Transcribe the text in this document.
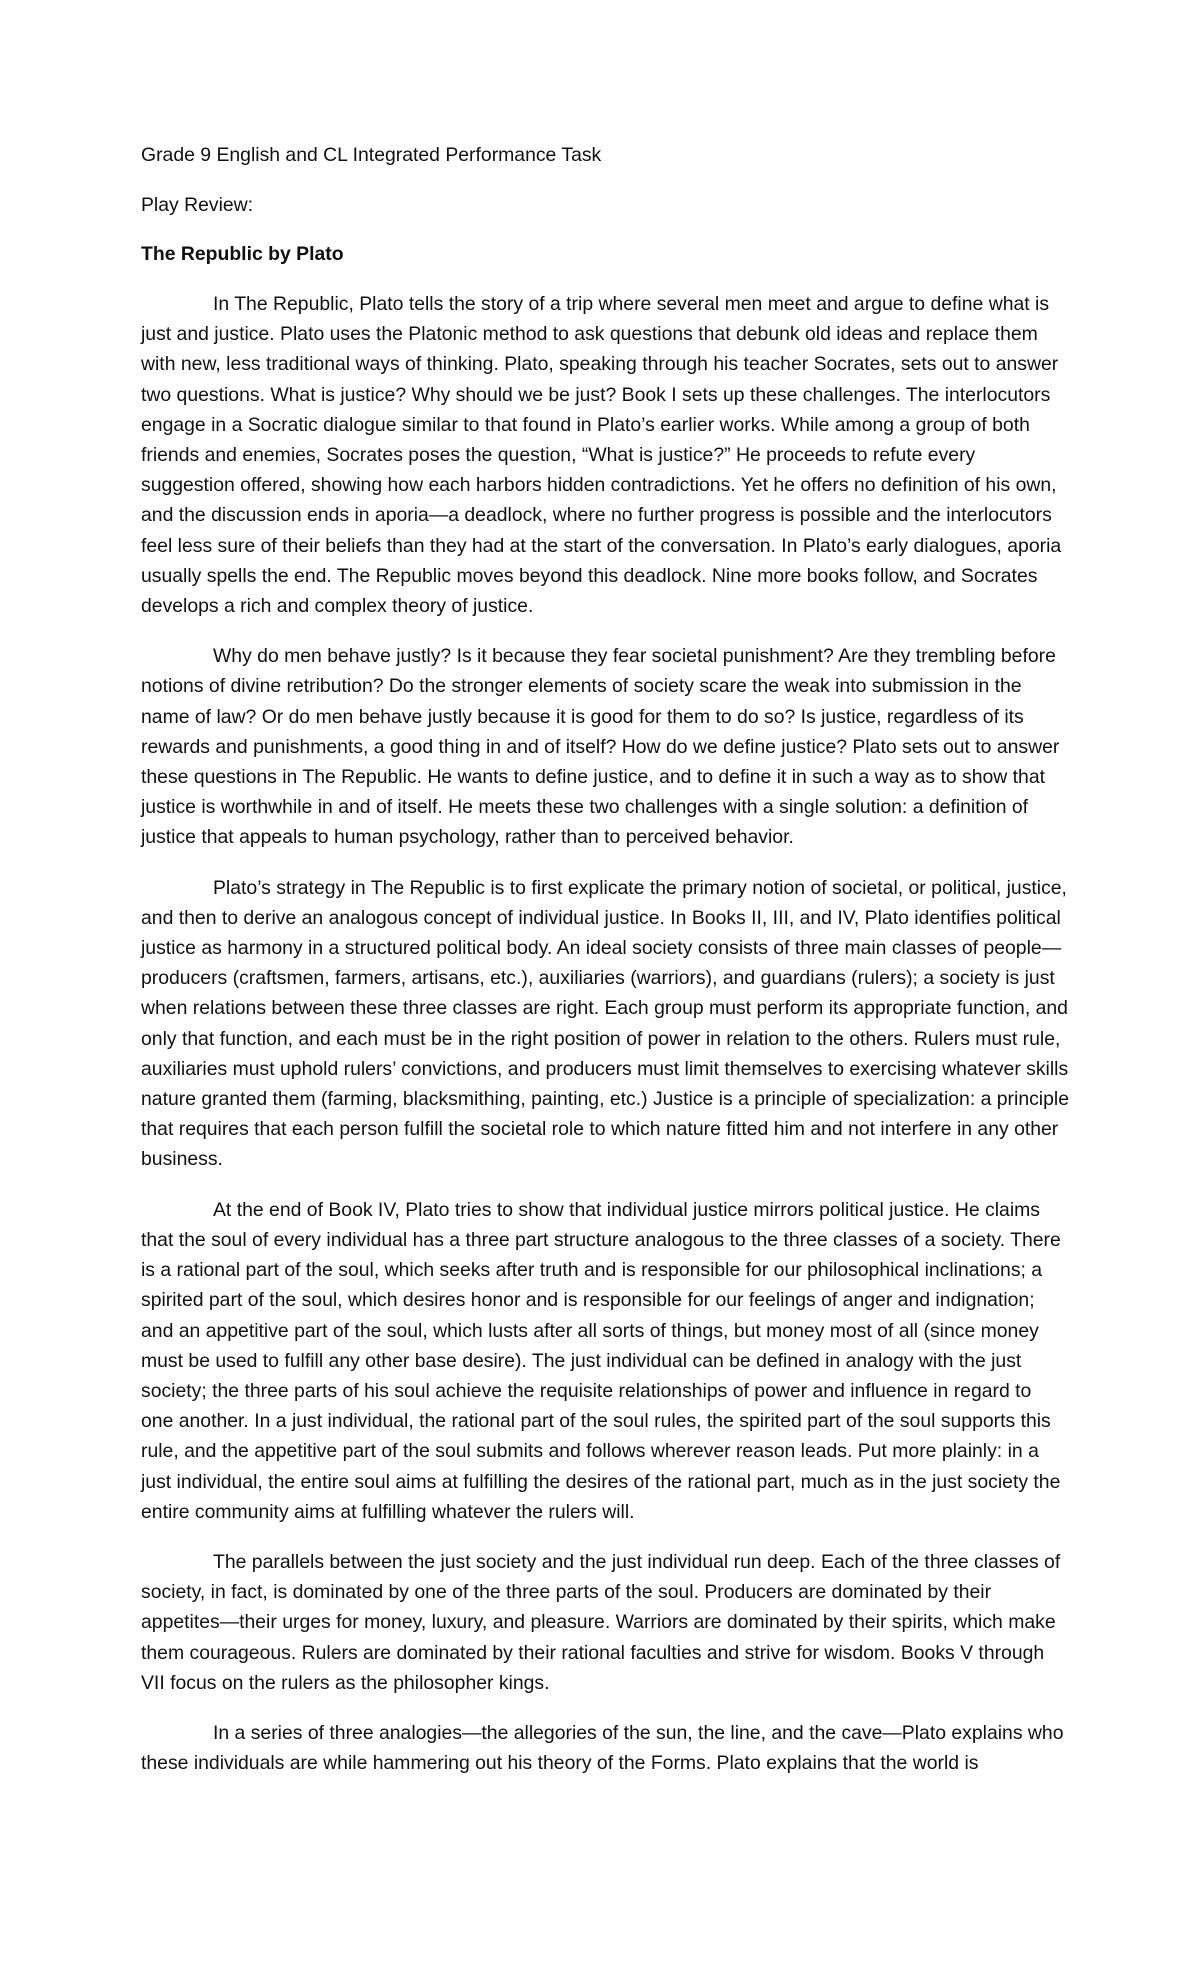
Grade 9 English and CL Integrated Performance Task

Play Review:

The Republic by Plato

In The Republic, Plato tells the story of a trip where several men meet and argue to define what is just and justice. Plato uses the Platonic method to ask questions that debunk old ideas and replace them with new, less traditional ways of thinking. Plato, speaking through his teacher Socrates, sets out to answer two questions. What is justice? Why should we be just? Book I sets up these challenges. The interlocutors engage in a Socratic dialogue similar to that found in Plato’s earlier works. While among a group of both friends and enemies, Socrates poses the question, “What is justice?” He proceeds to refute every suggestion offered, showing how each harbors hidden contradictions. Yet he offers no definition of his own, and the discussion ends in aporia—a deadlock, where no further progress is possible and the interlocutors feel less sure of their beliefs than they had at the start of the conversation. In Plato’s early dialogues, aporia usually spells the end. The Republic moves beyond this deadlock. Nine more books follow, and Socrates develops a rich and complex theory of justice.

Why do men behave justly? Is it because they fear societal punishment? Are they trembling before notions of divine retribution? Do the stronger elements of society scare the weak into submission in the name of law? Or do men behave justly because it is good for them to do so? Is justice, regardless of its rewards and punishments, a good thing in and of itself? How do we define justice? Plato sets out to answer these questions in The Republic. He wants to define justice, and to define it in such a way as to show that justice is worthwhile in and of itself. He meets these two challenges with a single solution: a definition of justice that appeals to human psychology, rather than to perceived behavior.

Plato’s strategy in The Republic is to first explicate the primary notion of societal, or political, justice, and then to derive an analogous concept of individual justice. In Books II, III, and IV, Plato identifies political justice as harmony in a structured political body. An ideal society consists of three main classes of people—producers (craftsmen, farmers, artisans, etc.), auxiliaries (warriors), and guardians (rulers); a society is just when relations between these three classes are right. Each group must perform its appropriate function, and only that function, and each must be in the right position of power in relation to the others. Rulers must rule, auxiliaries must uphold rulers’ convictions, and producers must limit themselves to exercising whatever skills nature granted them (farming, blacksmithing, painting, etc.) Justice is a principle of specialization: a principle that requires that each person fulfill the societal role to which nature fitted him and not interfere in any other business.

At the end of Book IV, Plato tries to show that individual justice mirrors political justice. He claims that the soul of every individual has a three part structure analogous to the three classes of a society. There is a rational part of the soul, which seeks after truth and is responsible for our philosophical inclinations; a spirited part of the soul, which desires honor and is responsible for our feelings of anger and indignation; and an appetitive part of the soul, which lusts after all sorts of things, but money most of all (since money must be used to fulfill any other base desire). The just individual can be defined in analogy with the just society; the three parts of his soul achieve the requisite relationships of power and influence in regard to one another. In a just individual, the rational part of the soul rules, the spirited part of the soul supports this rule, and the appetitive part of the soul submits and follows wherever reason leads. Put more plainly: in a just individual, the entire soul aims at fulfilling the desires of the rational part, much as in the just society the entire community aims at fulfilling whatever the rulers will.

The parallels between the just society and the just individual run deep. Each of the three classes of society, in fact, is dominated by one of the three parts of the soul. Producers are dominated by their appetites—their urges for money, luxury, and pleasure. Warriors are dominated by their spirits, which make them courageous. Rulers are dominated by their rational faculties and strive for wisdom. Books V through VII focus on the rulers as the philosopher kings.

In a series of three analogies—the allegories of the sun, the line, and the cave—Plato explains who these individuals are while hammering out his theory of the Forms. Plato explains that the world is
